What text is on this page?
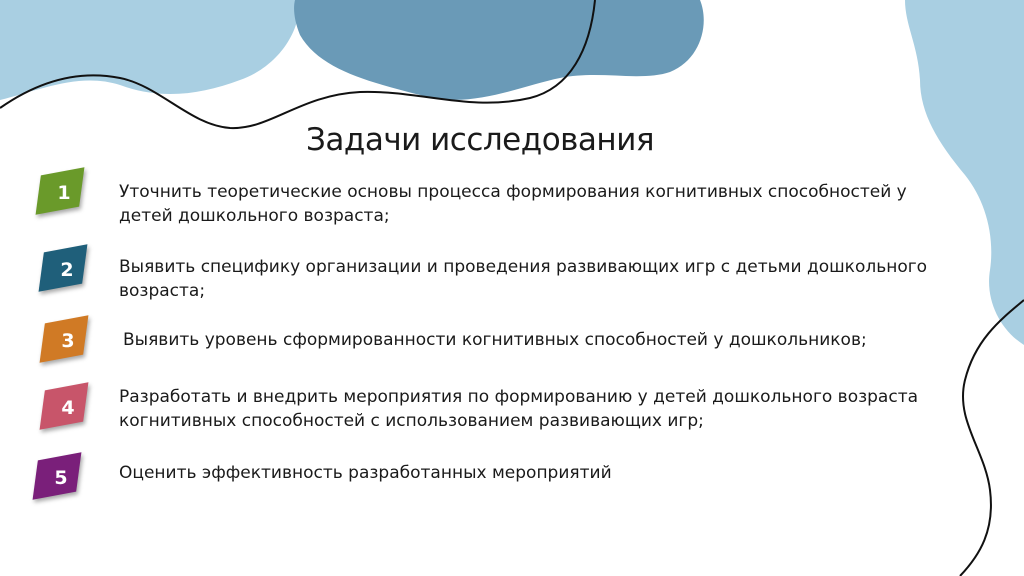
Задачи исследования
1	Уточнить теоретические основы процесса формирования когнитивных способностей у детей дошкольного возраста;
2	Выявить специфику организации и проведения развивающих игр с детьми дошкольного возраста;
3	Выявить уровень сформированности когнитивных способностей у дошкольников;
4	Разработать и внедрить мероприятия по формированию у детей дошкольного возраста когнитивных способностей с использованием развивающих игр;
5	Оценить эффективность разработанных мероприятий
